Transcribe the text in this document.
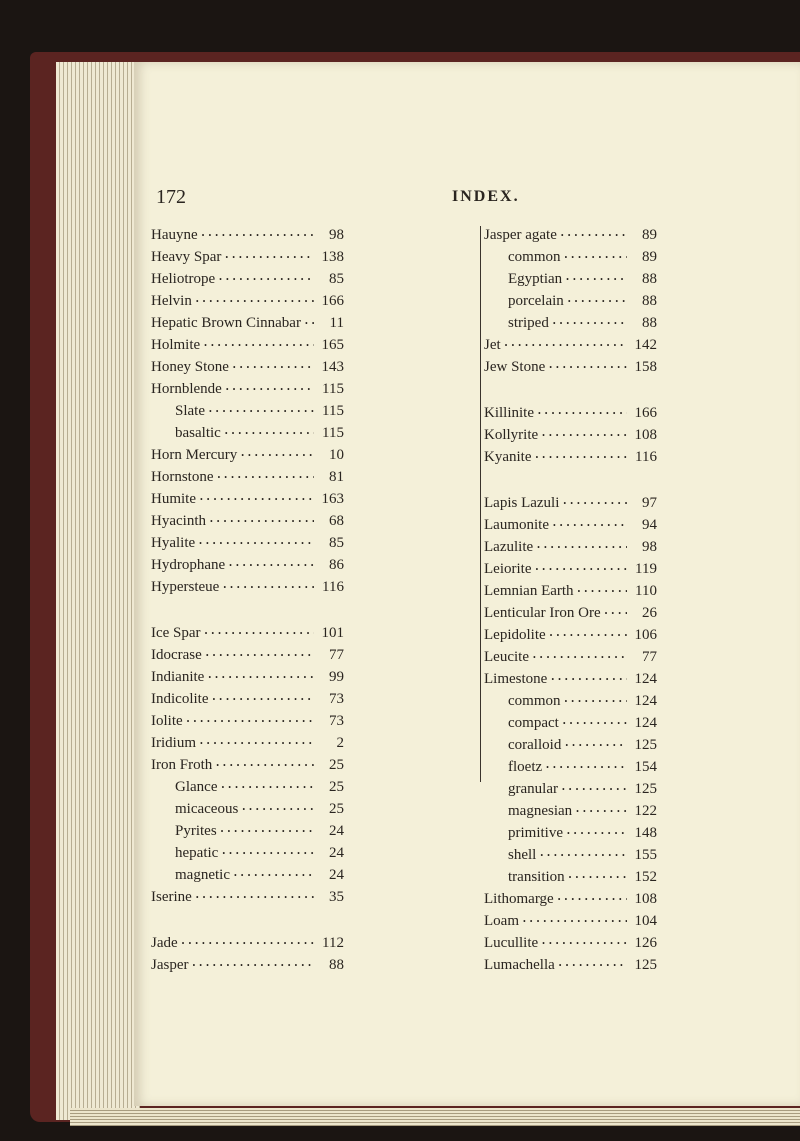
172	INDEX.
Hauyne • • •	98
Heavy Spar • • •	138
Heliotrope • • •	85
Helvin • • •	166
Hepatic Brown Cinnabar • • •	11
Holmite • • •	165
Honey Stone • • •	143
Hornblende • • •	115
Slate • • •	115
basaltic • • •	115
Horn Mercury • • •	10
Hornstone • • •	81
Humite • • •	163
Hyacinth • • •	68
Hyalite • • •	85
Hydrophane • • •	86
Hypersteue • • •	116
Ice Spar • • •	101
Idocrase • • •	77
Indianite • • •	99
Indicolite • • •	73
Iolite • • •	73
Iridium • • •	2
Iron Froth • • •	25
Glance • • •	25
micaceous • • •	25
Pyrites • • •	24
hepatic • • •	24
magnetic • • •	24
Iserine • • •	35
Jade • • •	112
Jasper • • •	88
Jasper agate • • •	89
common • • •	89
Egyptian • • •	88
porcelain • • •	88
striped • • •	88
Jet • • •	142
Jew Stone • • •	158
Killinite • • •	166
Kollyrite • • •	108
Kyanite • • •	116
Lapis Lazuli • • •	97
Laumonite • • •	94
Lazulite • • •	98
Leiorite • • •	119
Lemnian Earth • • •	110
Lenticular Iron Ore • • •	26
Lepidolite • • •	106
Leucite • • •	77
Limestone • • •	124
common • • •	124
compact • • •	124
coralloid • • •	125
floetz • • •	154
granular • • •	125
magnesian • • •	122
primitive • • •	148
shell • • •	155
transition • • •	152
Lithomarge • • •	108
Loam • • •	104
Lucullite • • •	126
Lumachella • • •	125
